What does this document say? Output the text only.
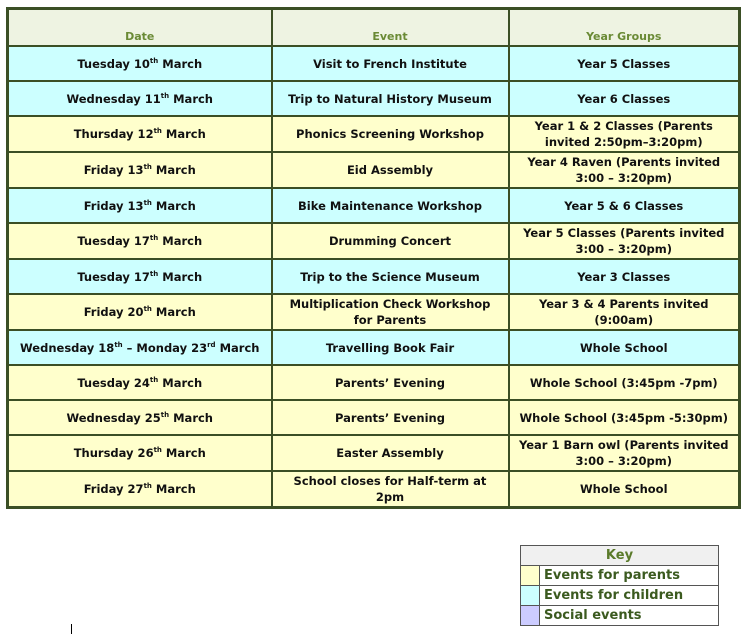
Date	Event	Year Groups
Tuesday 10th March	Visit to French Institute	Year 5 Classes
Wednesday 11th March	Trip to Natural History Museum	Year 6 Classes
Thursday 12th March	Phonics Screening Workshop	Year 1 & 2 Classes (Parents invited 2:50pm–3:20pm)
Friday 13th March	Eid Assembly	Year 4 Raven (Parents invited 3:00 – 3:20pm)
Friday 13th March	Bike Maintenance Workshop	Year 5 & 6 Classes
Tuesday 17th March	Drumming Concert	Year 5 Classes (Parents invited 3:00 – 3:20pm)
Tuesday 17th March	Trip to the Science Museum	Year 3 Classes
Friday 20th March	Multiplication Check Workshop for Parents	Year 3 & 4 Parents invited (9:00am)
Wednesday 18th – Monday 23rd March	Travelling Book Fair	Whole School
Tuesday 24th March	Parents’ Evening	Whole School (3:45pm -7pm)
Wednesday 25th March	Parents’ Evening	Whole School (3:45pm -5:30pm)
Thursday 26th March	Easter Assembly	Year 1 Barn owl (Parents invited 3:00 – 3:20pm)
Friday 27th March	School closes for Half-term at 2pm	Whole School
Key	
	Events for parents
	Events for children
	Social events
